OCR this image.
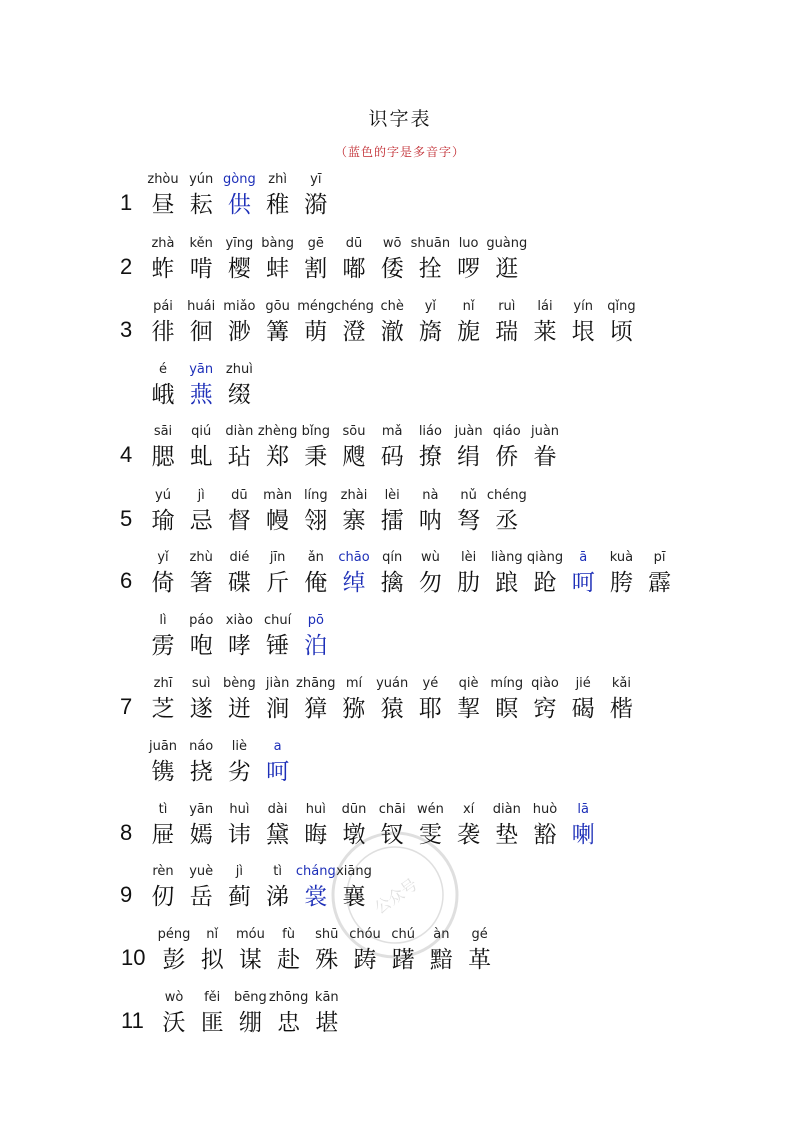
识字表
（蓝色的字是多音字）
1
zhòu
昼
yún
耘
gòng
供
zhì
稚
yī
漪
2
zhà
蚱
kěn
啃
yīng
樱
bàng
蚌
gē
割
dū
嘟
wō
倭
shuān
拴
luo
啰
guàng
逛
3
pái
徘
huái
徊
miǎo
渺
gōu
篝
méng
萌
chéng
澄
chè
澈
yǐ
旖
nǐ
旎
ruì
瑞
lái
莱
yín
垠
qǐng
顷
é
峨
yān
燕
zhuì
缀
4
sāi
腮
qiú
虬
diàn
玷
zhèng
郑
bǐng
秉
sōu
飕
mǎ
码
liáo
撩
juàn
绢
qiáo
侨
juàn
眷
5
yú
瑜
jì
忌
dū
督
màn
幔
líng
翎
zhài
寨
lèi
擂
nà
呐
nǔ
弩
chéng
丞
6
yǐ
倚
zhù
箸
dié
碟
jīn
斤
ǎn
俺
chāo
绰
qín
擒
wù
勿
lèi
肋
liàng
踉
qiàng
跄
ā
呵
kuà
胯
pī
霹
lì
雳
páo
咆
xiào
哮
chuí
锤
pō
泊
7
zhī
芝
suì
遂
bèng
迸
jiàn
涧
zhāng
獐
mí
猕
yuán
猿
yé
耶
qiè
挈
míng
瞑
qiào
窍
jié
碣
kǎi
楷
juān
镌
náo
挠
liè
劣
a
呵
8
tì
屉
yān
嫣
huì
讳
dài
黛
huì
晦
dūn
墩
chāi
钗
wén
雯
xí
袭
diàn
垫
huò
豁
lā
喇
9
rèn
仞
yuè
岳
jì
蓟
tì
涕
cháng
裳
xiāng
襄
10
péng
彭
nǐ
拟
móu
谋
fù
赴
shū
殊
chóu
踌
chú
躇
àn
黯
gé
革
11
wò
沃
fěi
匪
bēng
绷
zhōng
忠
kān
堪
公众号
